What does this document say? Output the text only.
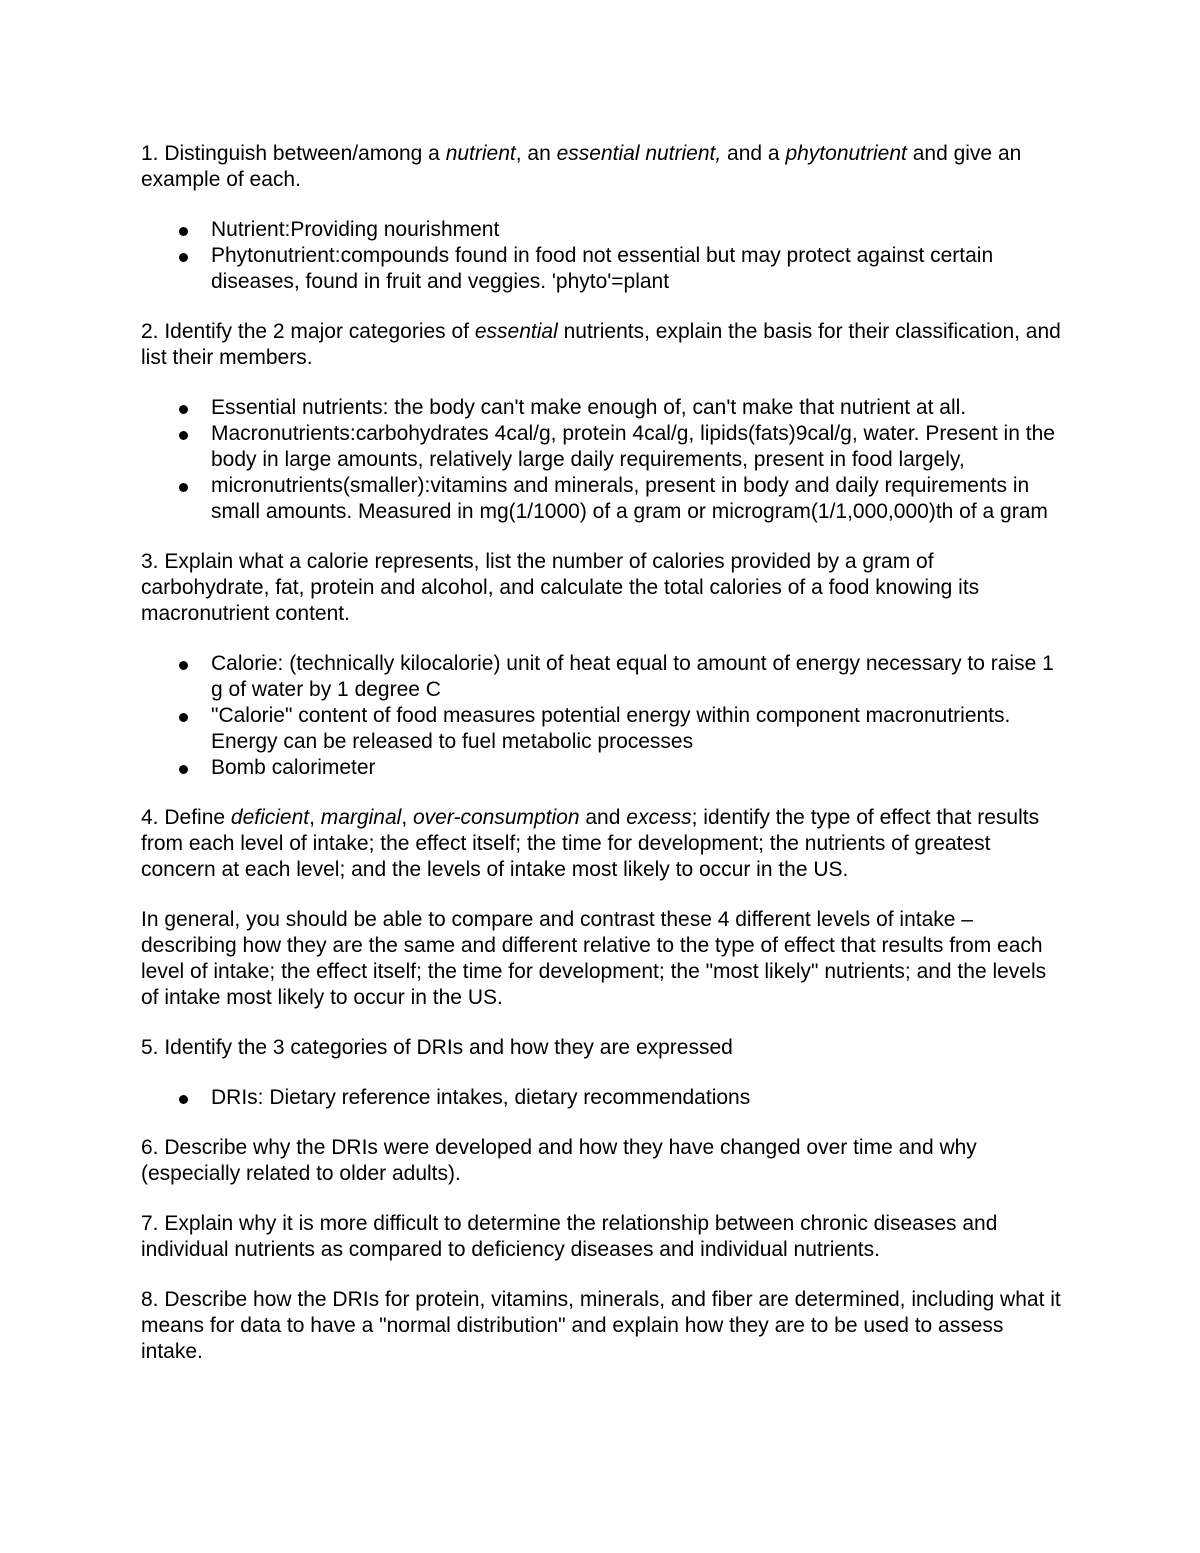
1. Distinguish between/among a nutrient, an essential nutrient, and a phytonutrient and give an example of each.

Nutrient:Providing nourishment
Phytonutrient:compounds found in food not essential but may protect against certain diseases, found in fruit and veggies. 'phyto'=plant

2. Identify the 2 major categories of essential nutrients, explain the basis for their classification, and list their members.

Essential nutrients: the body can't make enough of, can't make that nutrient at all.
Macronutrients:carbohydrates 4cal/g, protein 4cal/g, lipids(fats)9cal/g, water. Present in the body in large amounts, relatively large daily requirements, present in food largely,
micronutrients(smaller):vitamins and minerals, present in body and daily requirements in small amounts. Measured in mg(1/1000) of a gram or microgram(1/1,000,000)th of a gram

3. Explain what a calorie represents, list the number of calories provided by a gram of carbohydrate, fat, protein and alcohol, and calculate the total calories of a food knowing its macronutrient content.

Calorie: (technically kilocalorie) unit of heat equal to amount of energy necessary to raise 1 g of water by 1 degree C
"Calorie" content of food measures potential energy within component macronutrients. Energy can be released to fuel metabolic processes
Bomb calorimeter

4. Define deficient, marginal, over-consumption and excess; identify the type of effect that results from each level of intake; the effect itself; the time for development; the nutrients of greatest concern at each level; and the levels of intake most likely to occur in the US.

In general, you should be able to compare and contrast these 4 different levels of intake – describing how they are the same and different relative to the type of effect that results from each level of intake; the effect itself; the time for development; the "most likely" nutrients; and the levels of intake most likely to occur in the US.

5. Identify the 3 categories of DRIs and how they are expressed

DRIs: Dietary reference intakes, dietary recommendations

6. Describe why the DRIs were developed and how they have changed over time and why (especially related to older adults).

7. Explain why it is more difficult to determine the relationship between chronic diseases and individual nutrients as compared to deficiency diseases and individual nutrients.

8. Describe how the DRIs for protein, vitamins, minerals, and fiber are determined, including what it means for data to have a "normal distribution" and explain how they are to be used to assess intake.
